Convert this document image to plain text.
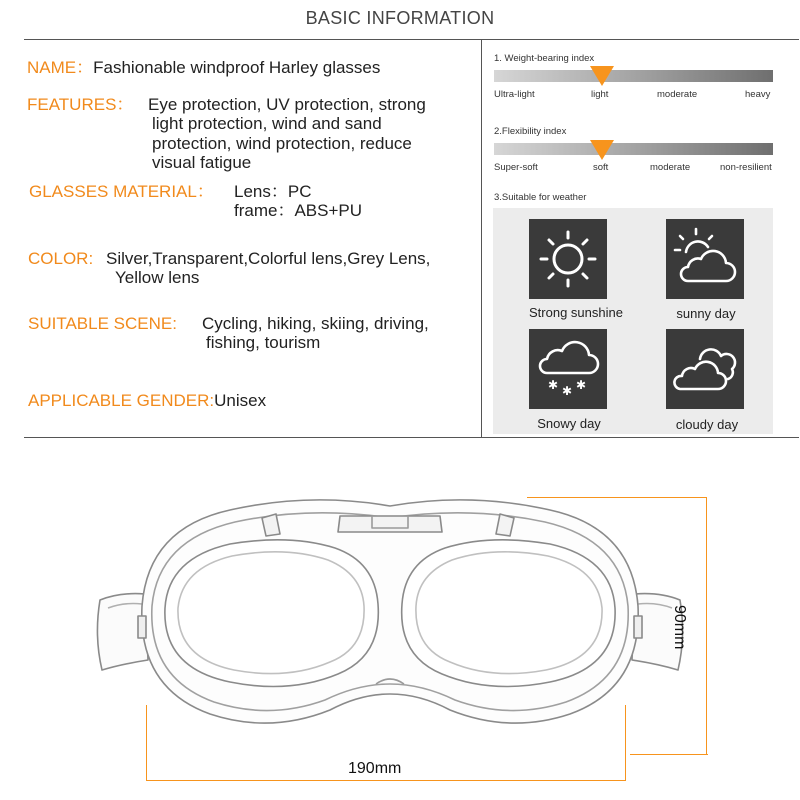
BASIC INFORMATION
NAME：Fashionable windproof Harley glasses
FEATURES： Eye protection, UV protection, strong
light protection, wind and sand protection, wind protection, reduce visual fatigue
GLASSES MATERIAL： Lens：PC
frame：ABS+PU
COLOR: Silver,Transparent,Colorful lens,Grey Lens,
Yellow lens
SUITABLE SCENE: Cycling, hiking, skiing, driving,
fishing, tourism
APPLICABLE GENDER:Unisex
1. Weight-bearing index
Ultra-light	light	moderate	heavy
2.Flexibility index
Super-soft	soft	moderate	non-resilient
3.Suitable for weather
Strong sunshine	sunny day
✱ ✱ ✱
Snowy day	cloudy day
90mm
190mm
